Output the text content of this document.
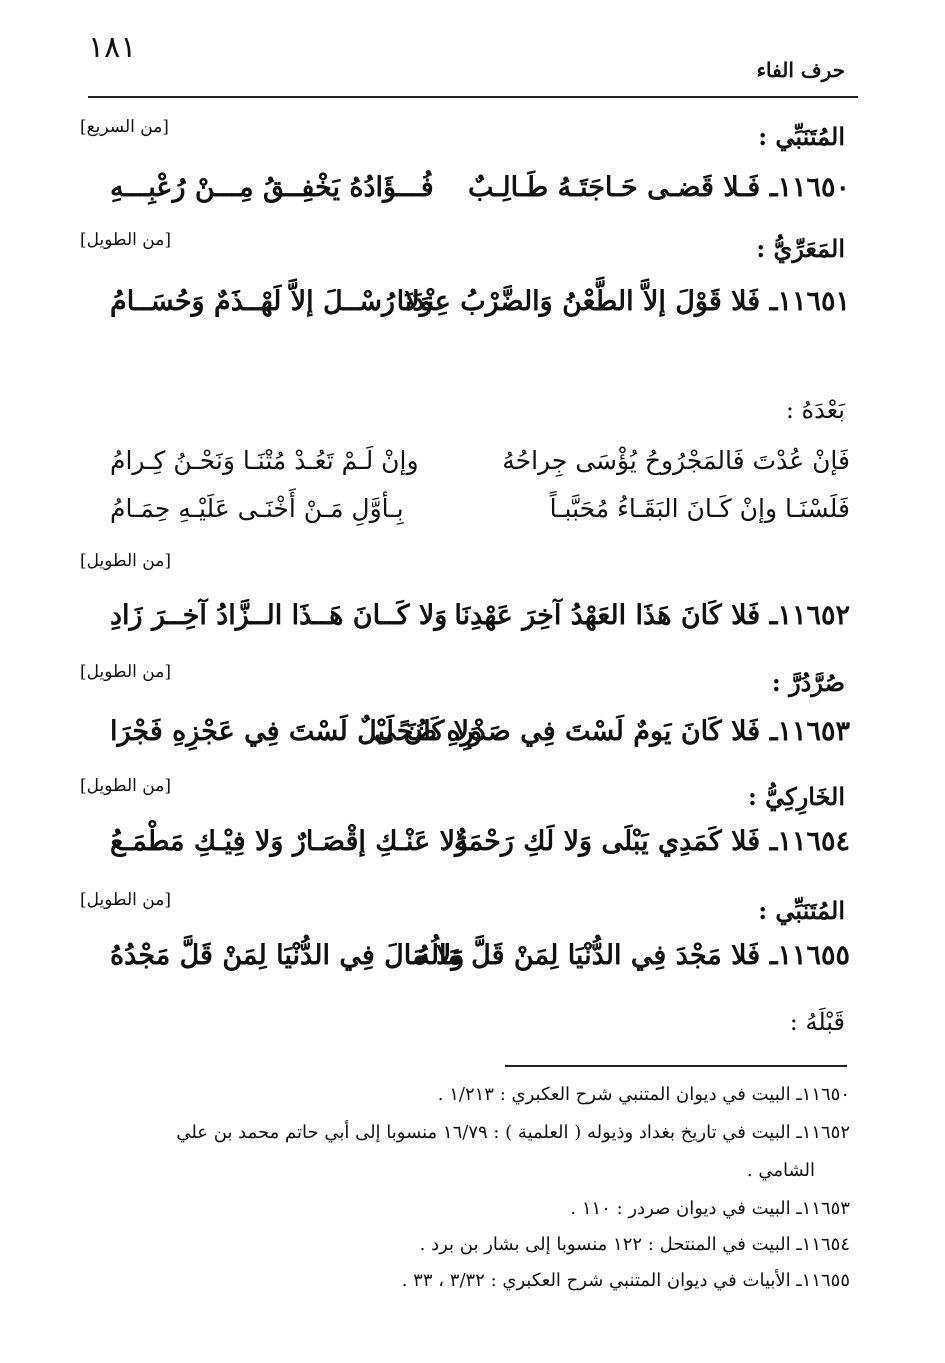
١٨١
حرف الفاء
المُتَنَبِّي :
[من السريع]
١١٦٥٠ـ فَـلا قَضـى حَـاجَتَـهُ طَـالِـبٌ
فُـــؤَادُهُ يَخْفِــقُ مِـــنْ رُعْبِـــهِ
المَعَرِّيُّ :
[من الطويل]
١١٦٥١ـ فَلا قَوْلَ إلاَّ الطَّعْنُ وَالضَّرْبُ عِنْدَنَا
وَلا رُسْــلَ إلاَّ لَهْــذَمٌ وَحُسَــامُ
بَعْدَهُ :
فَإنْ عُدْتَ فَالمَجْرُوحُ يُؤْسَى جِراحُهُ
وإنْ لَـمْ تَعُـدْ مُتْنَـا وَنَحْـنُ كِـرامُ
فَلَسْنَـا وإنْ كَـانَ البَقَـاءُ مُحَبَّبـاً
بِـأوَّلِ مَـنْ أَخْنَـى عَلَيْـهِ حِمَـامُ
[من الطويل]
١١٦٥٢ـ فَلا كَانَ هَذَا العَهْدُ آخِرَ عَهْدِنَا
وَلا كَــانَ هَــذَا الــزَّادُ آخِــرَ زَادِ
صُرَّدُرَّ :
[من الطويل]
١١٦٥٣ـ فَلا كَانَ يَومٌ لَسْتَ فِي صَدْرِهِ ضُحًى
وَلا كَانَ لَيْلٌ لَسْتَ فِي عَجْزِهِ فَجْرَا
الخَارِكِيُّ :
[من الطويل]
١١٦٥٤ـ فَلا كَمَدِي يَبْلَى وَلا لَكِ رَحْمَةٌ
وَلا عَنْـكِ إقْصَـارٌ وَلا فِيْـكِ مَطْمَـعُ
المُتَنَبِّي :
[من الطويل]
١١٦٥٥ـ فَلا مَجْدَ فِي الدُّنْيَا لِمَنْ قَلَّ مَالُهُ
وَلا مَالَ فِي الدُّنْيَا لِمَنْ قَلَّ مَجْدُهُ
قَبْلَهُ :
١١٦٥٠ـ البيت في ديوان المتنبي شرح العكبري : ١/٢١٣ .
١١٦٥٢ـ البيت في تاريخ بغداد وذيوله ( العلمية ) : ١٦/٧٩ منسوبا إلى أبي حاتم محمد بن علي
الشامي .
١١٦٥٣ـ البيت في ديوان صردر : ١١٠ .
١١٦٥٤ـ البيت في المنتحل : ١٢٢ منسوبا إلى بشار بن برد .
١١٦٥٥ـ الأبيات في ديوان المتنبي شرح العكبري : ٣/٣٢ ، ٣٣ .
